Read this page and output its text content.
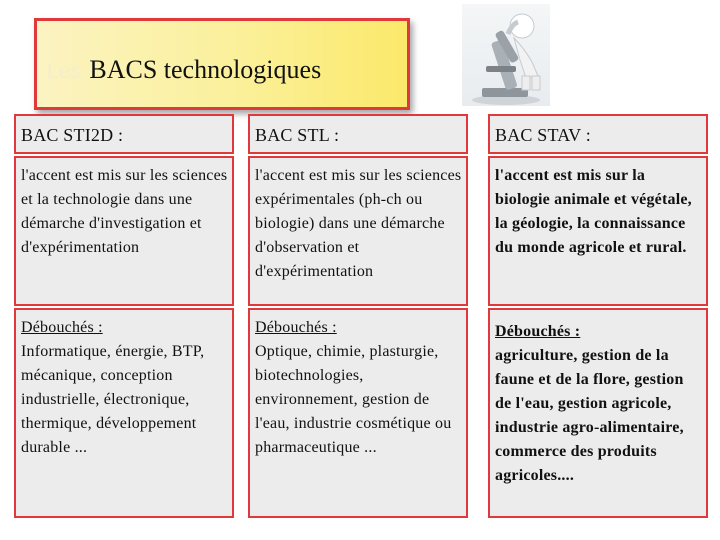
Les BACS technologiques
BAC STI2D :
l'accent est mis sur les sciences et la technologie dans une démarche d'investigation et d'expérimentation
Débouchés :
Informatique, énergie, BTP, mécanique, conception industrielle, électronique, thermique, développement durable ...
BAC STL :
l'accent est mis sur les sciences expérimentales (ph-ch ou biologie) dans une démarche d'observation et d'expérimentation
Débouchés :
Optique, chimie, plasturgie, biotechnologies, environnement, gestion de l'eau, industrie cosmétique ou pharmaceutique ...
BAC STAV :
l'accent est mis sur la biologie animale et végétale, la géologie, la connaissance du monde agricole et rural.
Débouchés :
agriculture, gestion de la faune et de la flore, gestion de l'eau, gestion agricole, industrie agro-alimentaire, commerce des produits agricoles....
